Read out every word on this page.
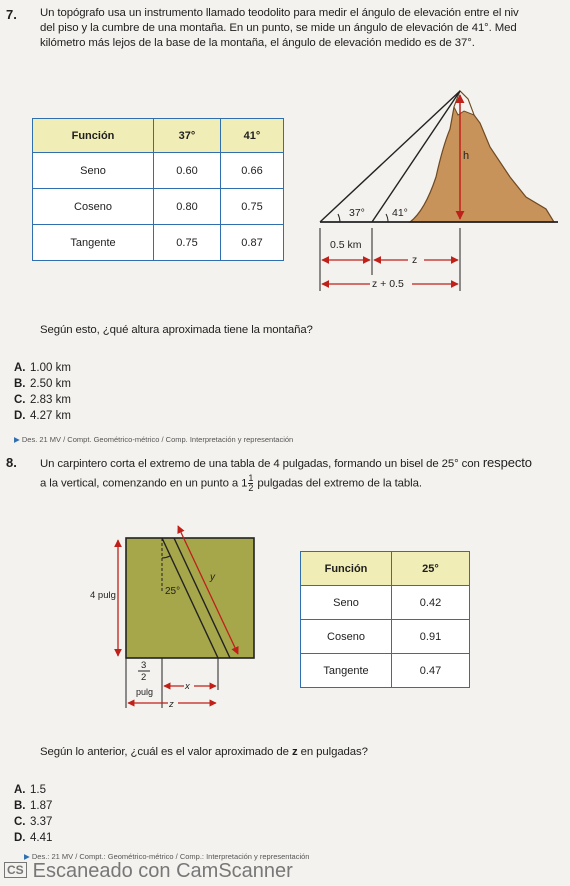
7. Un topógrafo usa un instrumento llamado teodolito para medir el ángulo de elevación entre el niv
del piso y la cumbre de una montaña. En un punto, se mide un ángulo de elevación de 41°. Med
kilómetro más lejos de la base de la montaña, el ángulo de elevación medido es de 37°.
Función	37°	41°
Seno	0.60	0.66
Coseno	0.80	0.75
Tangente	0.75	0.87
h
37°	41°
0.5 km
z
z + 0.5
Según esto, ¿qué altura aproximada tiene la montaña?
A. 1.00 km
B. 2.50 km
C. 2.83 km
D. 4.27 km
▶ Des. 21 MV / Compt. Geométrico-métrico / Comp. Interpretación y representación
8. Un carpintero corta el extremo de una tabla de 4 pulgadas, formando un bisel de 25° con respecto
a la vertical, comenzando en un punto a $1 \frac{1}{2}$ pulgadas del extremo de la tabla.
25°
y
4 pulg
3
2
pulg	x
z
Función	25°
Seno	0.42
Coseno	0.91
Tangente	0.47
Según lo anterior, ¿cuál es el valor aproximado de z en pulgadas?
A. 1.5
B. 1.87
C. 3.37
D. 4.41
▶ Des.: 21 MV / Compt.: Geométrico-métrico / Comp.: Interpretación y representación
CS Escaneado con CamScanner
